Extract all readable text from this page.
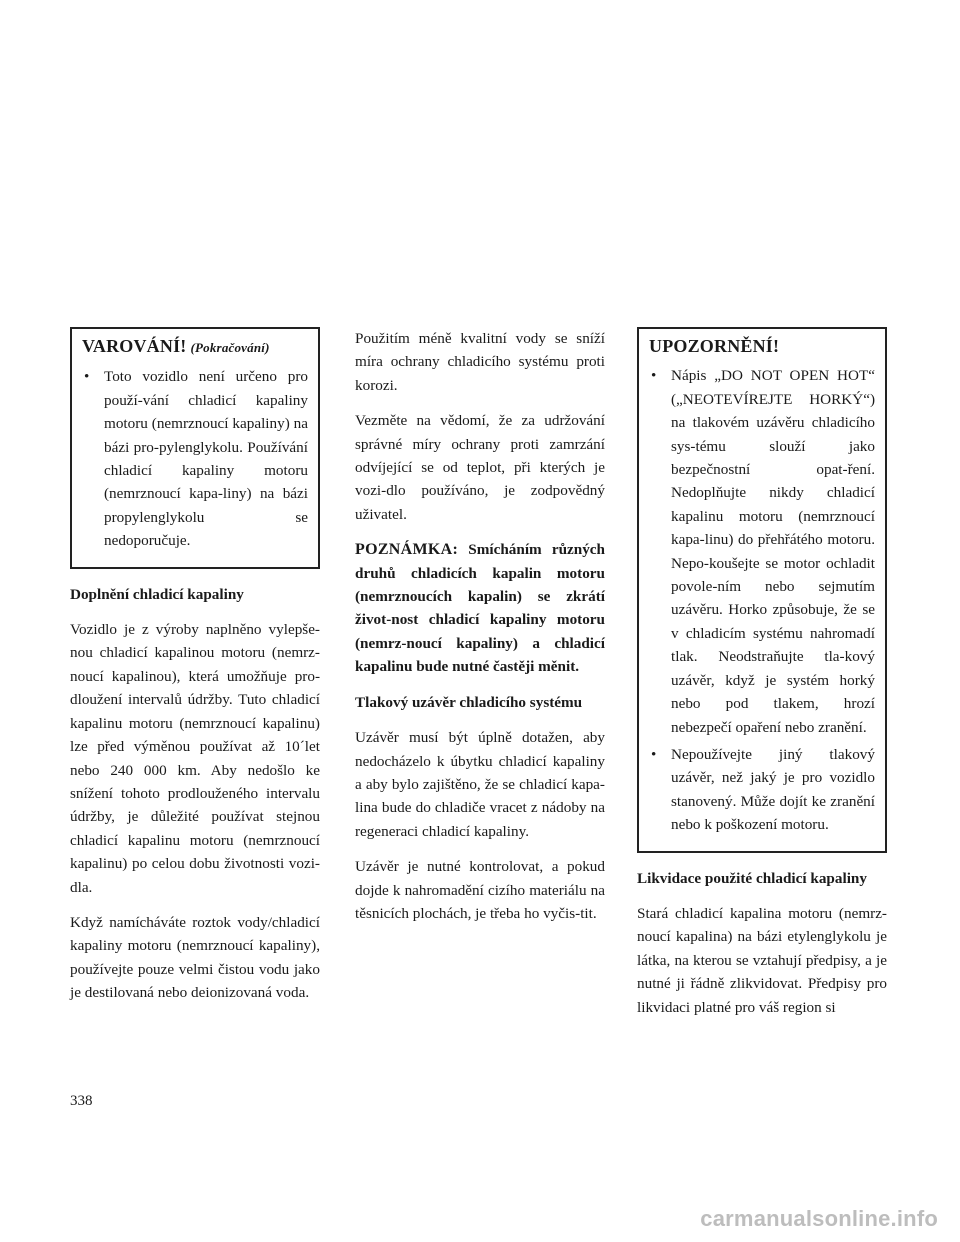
VAROVÁNÍ! (Pokračování)
• Toto vozidlo není určeno pro použí-vání chladicí kapaliny motoru (nemrznoucí kapaliny) na bázi pro-pylenglykolu. Používání chladicí kapaliny motoru (nemrznoucí kapa-liny) na bázi propylenglykolu se nedoporučuje.
Doplnění chladicí kapaliny

Vozidlo je z výroby naplněno vylepše-nou chladicí kapalinou motoru (nemrz-noucí kapalinou), která umožňuje pro-dloužení intervalů údržby. Tuto chladicí kapalinu motoru (nemrznoucí kapalinu) lze před výměnou používat až 10´let nebo 240 000 km. Aby nedošlo ke snížení tohoto prodlouženého intervalu údržby, je důležité používat stejnou chladicí kapalinu motoru (nemrznoucí kapalinu) po celou dobu životnosti vozi-dla.

Když namícháváte roztok vody/chladicí kapaliny motoru (nemrznoucí kapaliny), používejte pouze velmi čistou vodu jako je destilovaná nebo deionizovaná voda.

Použitím méně kvalitní vody se sníží míra ochrany chladicího systému proti korozi.

Vezměte na vědomí, že za udržování správné míry ochrany proti zamrzání odvíjející se od teplot, při kterých je vozi-dlo používáno, je zodpovědný uživatel.

POZNÁMKA: Smícháním různých druhů chladicích kapalin motoru (nemrznoucích kapalin) se zkrátí život-nost chladicí kapaliny motoru (nemrz-noucí kapaliny) a chladicí kapalinu bude nutné častěji měnit.

Tlakový uzávěr chladicího systému

Uzávěr musí být úplně dotažen, aby nedocházelo k úbytku chladicí kapaliny a aby bylo zajištěno, že se chladicí kapa-lina bude do chladiče vracet z nádoby na regeneraci chladicí kapaliny.

Uzávěr je nutné kontrolovat, a pokud dojde k nahromadění cizího materiálu na těsnicích plochách, je třeba ho vyčis-tit.

UPOZORNĚNÍ!
• Nápis „DO NOT OPEN HOT“ („NEOTEVÍREJTE HORKÝ“) na tlakovém uzávěru chladicího sys-tému slouží jako bezpečnostní opat-ření. Nedoplňujte nikdy chladicí kapalinu motoru (nemrznoucí kapa-linu) do přehřátého motoru. Nepo-koušejte se motor ochladit povole-ním nebo sejmutím uzávěru. Horko způsobuje, že se v chladicím systému nahromadí tlak. Neodstraňujte tla-kový uzávěr, když je systém horký nebo pod tlakem, hrozí nebezpečí opaření nebo zranění.
• Nepoužívejte jiný tlakový uzávěr, než jaký je pro vozidlo stanovený. Může dojít ke zranění nebo k poškození motoru.
Likvidace použité chladicí kapaliny

Stará chladicí kapalina motoru (nemrz-noucí kapalina) na bázi etylenglykolu je látka, na kterou se vztahují předpisy, a je nutné ji řádně zlikvidovat. Předpisy pro likvidaci platné pro váš region si

338
carmanualsonline.info
